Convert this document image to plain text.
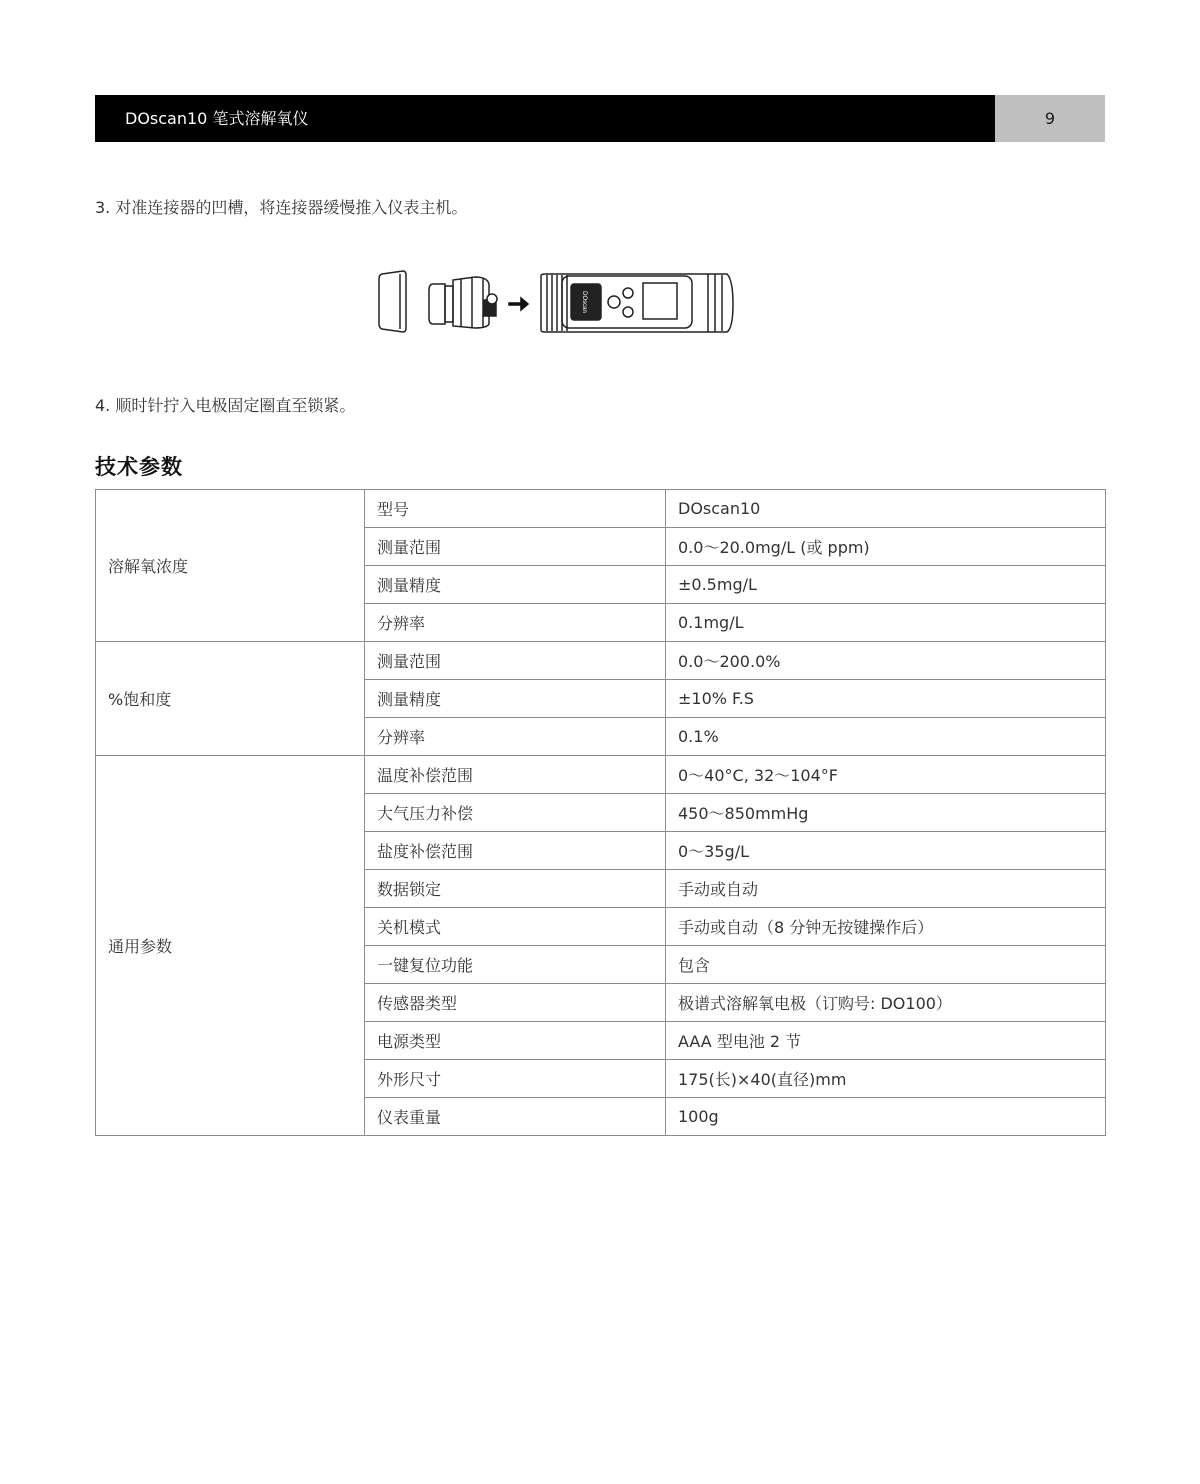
DOscan10 笔式溶解氧仪	9
3. 对准连接器的凹槽，将连接器缓慢推入仪表主机。
DOscan
4. 顺时针拧入电极固定圈直至锁紧。
技术参数
溶解氧浓度	型号	DOscan10
	测量范围	0.0～20.0mg/L (或 ppm)
	测量精度	±0.5mg/L
	分辨率	0.1mg/L
%饱和度	测量范围	0.0～200.0%
	测量精度	±10% F.S
	分辨率	0.1%
通用参数	温度补偿范围	0～40°C, 32～104°F
	大气压力补偿	450～850mmHg
	盐度补偿范围	0～35g/L
	数据锁定	手动或自动
	关机模式	手动或自动（8 分钟无按键操作后）
	一键复位功能	包含
	传感器类型	极谱式溶解氧电极（订购号: DO100）
	电源类型	AAA 型电池 2 节
	外形尺寸	175(长)×40(直径)mm
	仪表重量	100g
